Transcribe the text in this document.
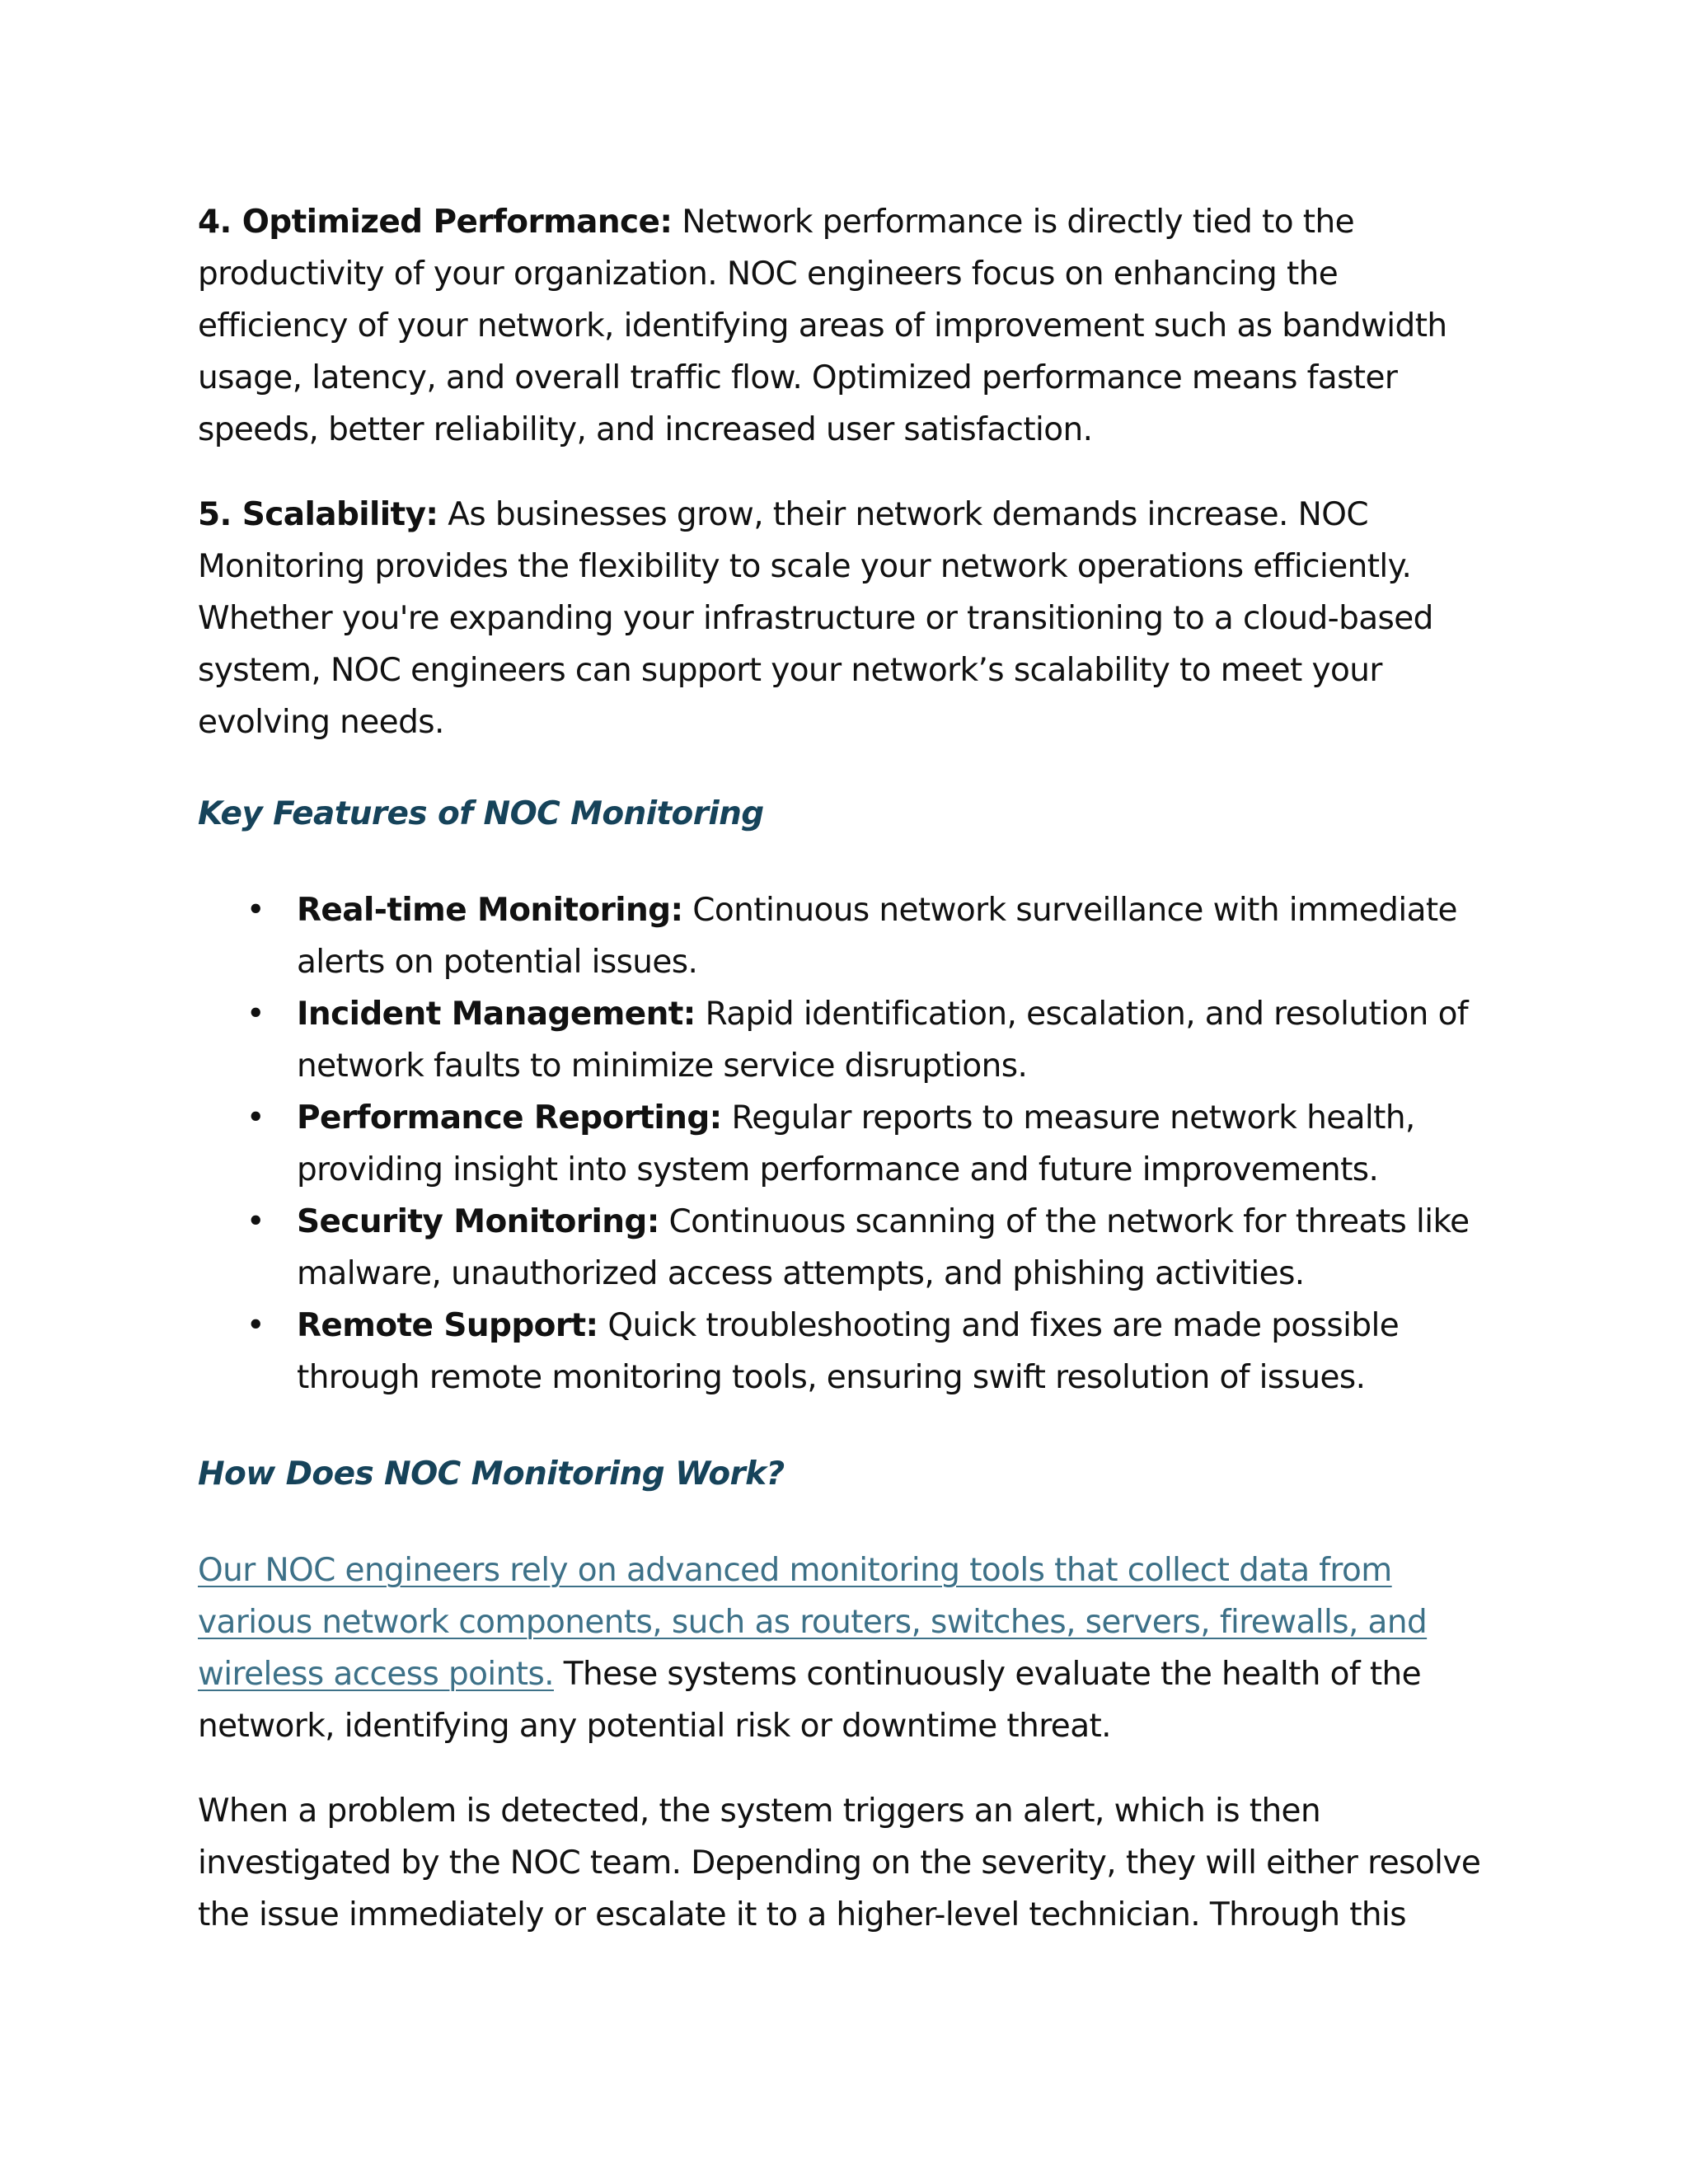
4. Optimized Performance: Network performance is directly tied to the productivity of your organization. NOC engineers focus on enhancing the efficiency of your network, identifying areas of improvement such as bandwidth usage, latency, and overall traffic flow. Optimized performance means faster speeds, better reliability, and increased user satisfaction.

5. Scalability: As businesses grow, their network demands increase. NOC Monitoring provides the flexibility to scale your network operations efficiently. Whether you're expanding your infrastructure or transitioning to a cloud-based system, NOC engineers can support your network’s scalability to meet your evolving needs.

Key Features of NOC Monitoring
• Real-time Monitoring: Continuous network surveillance with immediate alerts on potential issues.
• Incident Management: Rapid identification, escalation, and resolution of network faults to minimize service disruptions.
• Performance Reporting: Regular reports to measure network health, providing insight into system performance and future improvements.
• Security Monitoring: Continuous scanning of the network for threats like malware, unauthorized access attempts, and phishing activities.
• Remote Support: Quick troubleshooting and fixes are made possible through remote monitoring tools, ensuring swift resolution of issues.
How Does NOC Monitoring Work?

Our NOC engineers rely on advanced monitoring tools that collect data from various network components, such as routers, switches, servers, firewalls, and wireless access points. These systems continuously evaluate the health of the network, identifying any potential risk or downtime threat.

When a problem is detected, the system triggers an alert, which is then investigated by the NOC team. Depending on the severity, they will either resolve the issue immediately or escalate it to a higher-level technician. Through this
